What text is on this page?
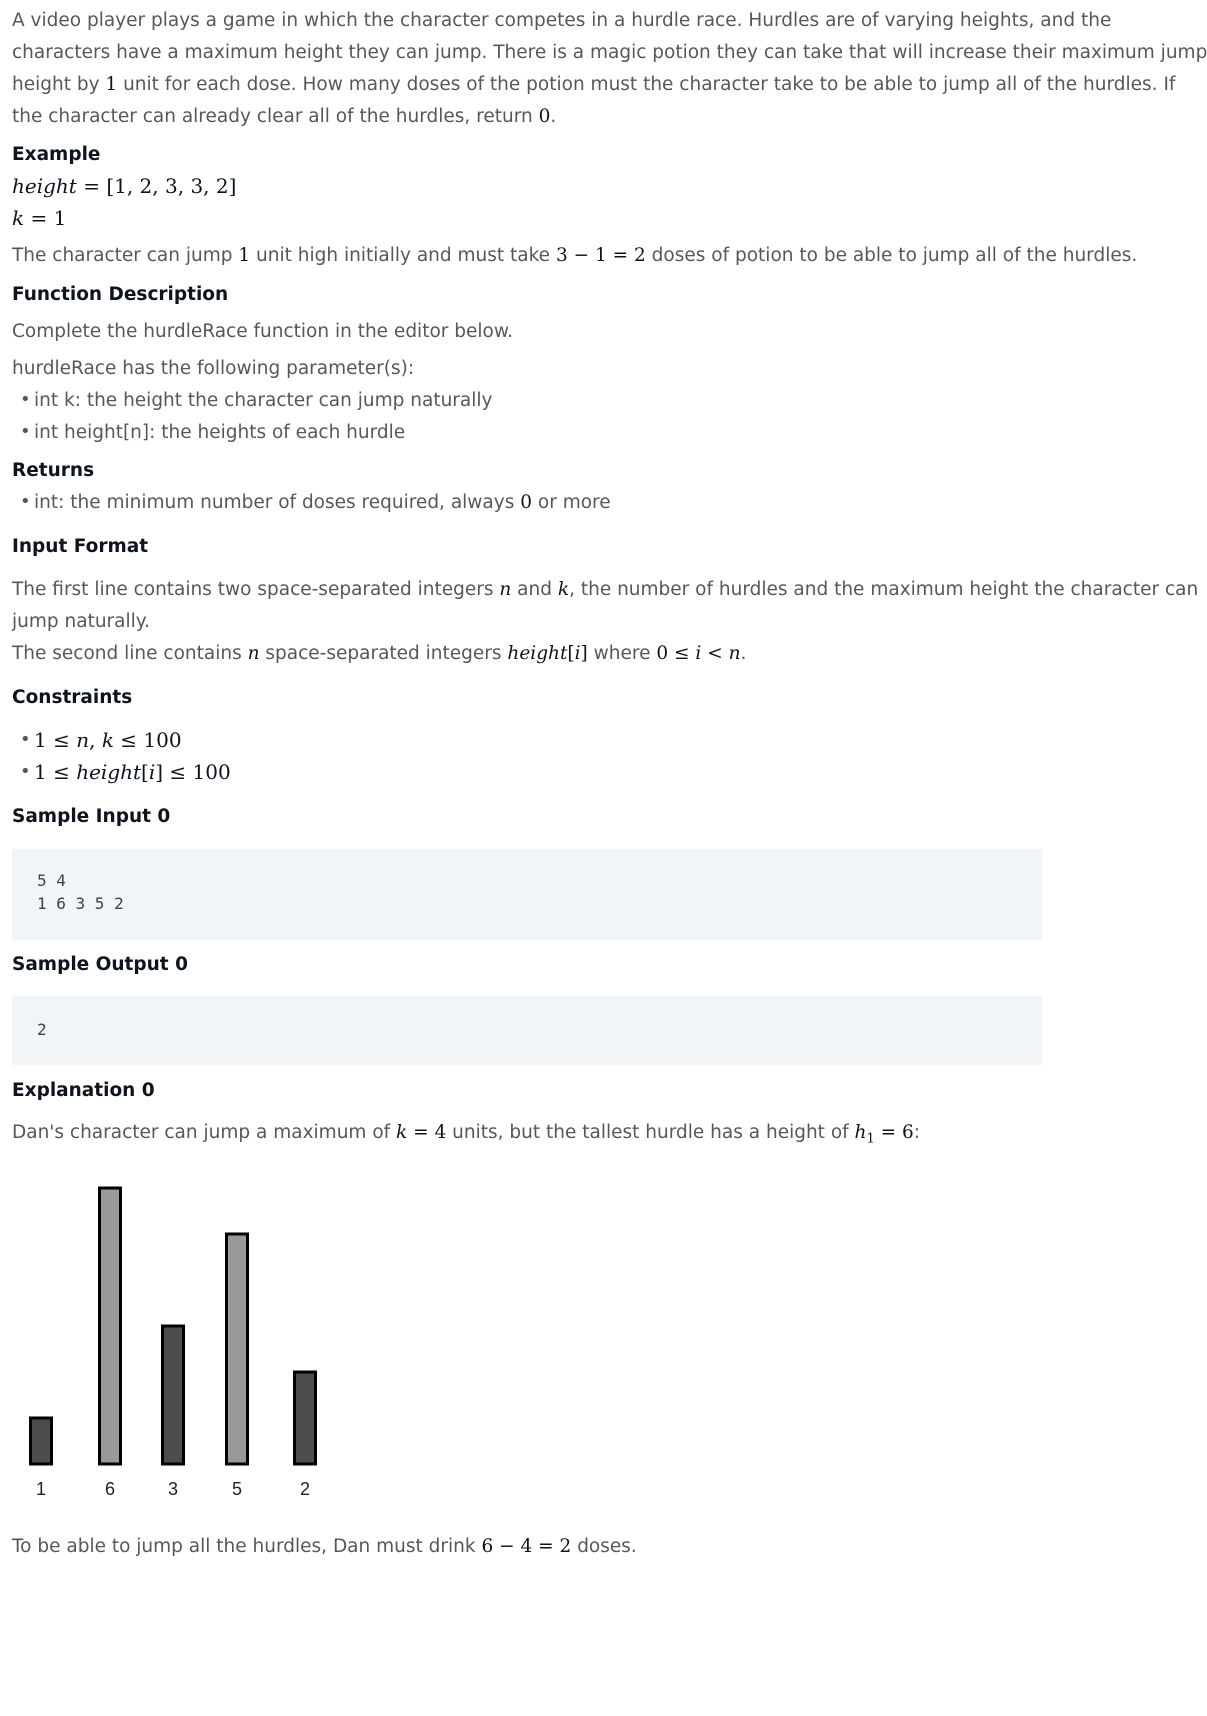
A video player plays a game in which the character competes in a hurdle race. Hurdles are of varying heights, and the
characters have a maximum height they can jump. There is a magic potion they can take that will increase their maximum jump
height by 1 unit for each dose. How many doses of the potion must the character take to be able to jump all of the hurdles. If
the character can already clear all of the hurdles, return 0.
Example
height = [1, 2, 3, 3, 2]
k = 1
The character can jump 1 unit high initially and must take 3 − 1 = 2 doses of potion to be able to jump all of the hurdles.
Function Description
Complete the hurdleRace function in the editor below.
hurdleRace has the following parameter(s):
• int k: the height the character can jump naturally
• int height[n]: the heights of each hurdle
Returns
• int: the minimum number of doses required, always 0 or more
Input Format
The first line contains two space-separated integers n and k, the number of hurdles and the maximum height the character can
jump naturally.
The second line contains n space-separated integers height[i] where 0 ≤ i < n.
Constraints
• 1 ≤ n, k ≤ 100
• 1 ≤ height[i] ≤ 100
Sample Input 0
5 4
1 6 3 5 2
Sample Output 0
2
Explanation 0
Dan's character can jump a maximum of k = 4 units, but the tallest hurdle has a height of $h_1 = 6$:
1	6	3	5	2
To be able to jump all the hurdles, Dan must drink 6 − 4 = 2 doses.
